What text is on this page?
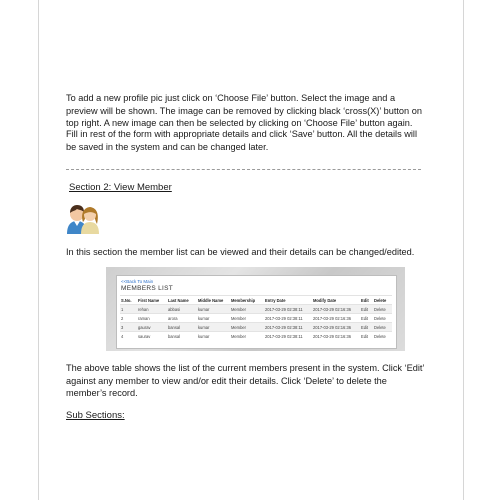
To add a new profile pic just click on ‘Choose File’ button. Select the image and a preview will be shown. The image can be removed by clicking black ‘cross(X)’ button on top right. A new image can then be selected by clicking on ‘Choose File’ button again.
Fill in rest of the form with appropriate details and click ‘Save’ button. All the details will be saved in the system and can be changed later.
Section 2: View Member
In this section the member list can be viewed and their details can be changed/edited.
<<Back To Main
MEMBERS LIST
S.No.	First Name	Last Name	Middle Name	Membership	Entry Date	Modify Date	Edit	Delete
1	rehan	abbasi	kumar	Member	2017-03-29 02:38:11	2017-03-29 02:16:36	Edit	Delete
2	raman	arora	kumar	Member	2017-03-29 02:38:11	2017-03-29 02:16:36	Edit	Delete
3	gaurav	bansal	kumar	Member	2017-03-29 02:38:11	2017-03-29 02:16:36	Edit	Delete
4	saurav	bansal	kumar	Member	2017-03-29 02:38:11	2017-03-29 02:16:36	Edit	Delete
The above table shows the list of the current members present in the system. Click ‘Edit’ against any member to view and/or edit their details. Click ‘Delete’ to delete the member’s record.
Sub Sections:
